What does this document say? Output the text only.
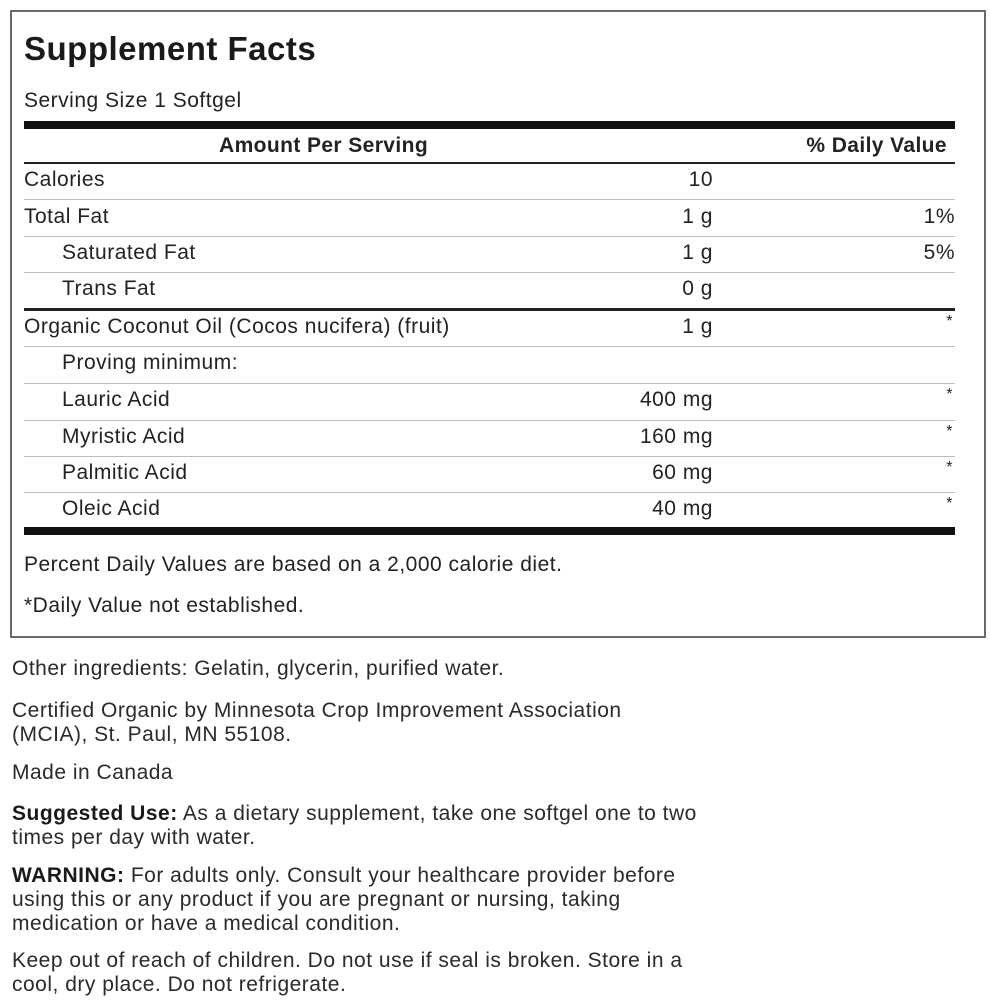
Supplement Facts
Serving Size 1 Softgel
Amount Per Serving	% Daily Value
Calories	10
Total Fat	1 g	1%
Saturated Fat	1 g	5%
Trans Fat	0 g
Organic Coconut Oil (Cocos nucifera) (fruit)	1 g	*
Proving minimum:
Lauric Acid	400 mg	*
Myristic Acid	160 mg	*
Palmitic Acid	60 mg	*
Oleic Acid	40 mg	*
Percent Daily Values are based on a 2,000 calorie diet.
*Daily Value not established.
Other ingredients: Gelatin, glycerin, purified water.
Certified Organic by Minnesota Crop Improvement Association
(MCIA), St. Paul, MN 55108.
Made in Canada
Suggested Use: As a dietary supplement, take one softgel one to two
times per day with water.
WARNING: For adults only. Consult your healthcare provider before
using this or any product if you are pregnant or nursing, taking
medication or have a medical condition.
Keep out of reach of children. Do not use if seal is broken. Store in a
cool, dry place. Do not refrigerate.
